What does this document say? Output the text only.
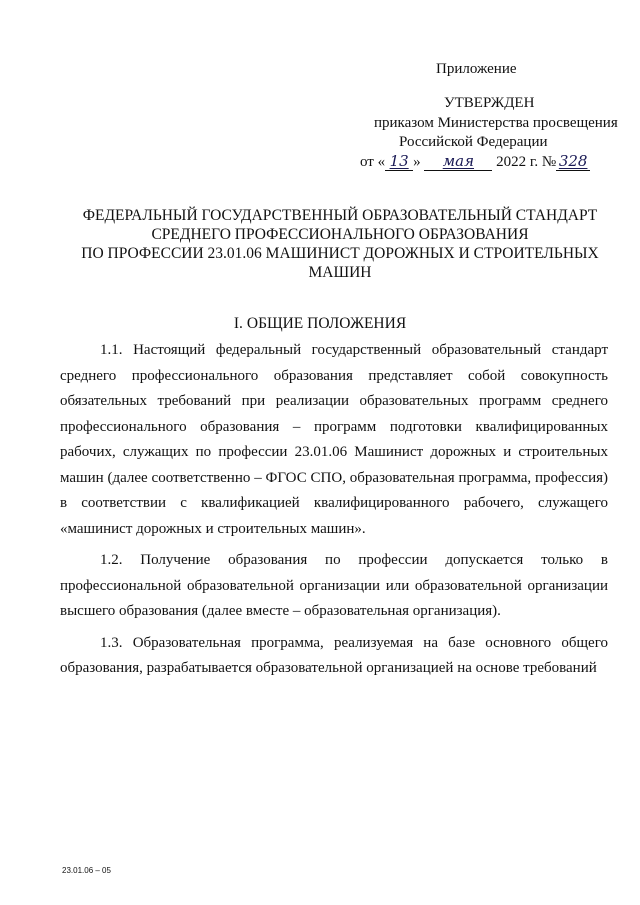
Приложение
УТВЕРЖДЕН
приказом Министерства просвещения
Российской Федерации
от « 13 » мая 2022 г. № 328
ФЕДЕРАЛЬНЫЙ ГОСУДАРСТВЕННЫЙ ОБРАЗОВАТЕЛЬНЫЙ СТАНДАРТ
СРЕДНЕГО ПРОФЕССИОНАЛЬНОГО ОБРАЗОВАНИЯ
ПО ПРОФЕССИИ 23.01.06 МАШИНИСТ ДОРОЖНЫХ И СТРОИТЕЛЬНЫХ
МАШИН
I. ОБЩИЕ ПОЛОЖЕНИЯ

1.1. Настоящий федеральный государственный образовательный стандарт среднего профессионального образования представляет собой совокупность обязательных требований при реализации образовательных программ среднего профессионального образования – программ подготовки квалифицированных рабочих, служащих по профессии 23.01.06 Машинист дорожных и строительных машин (далее соответственно – ФГОС СПО, образовательная программа, профессия) в соответствии с квалификацией квалифицированного рабочего, служащего «машинист дорожных и строительных машин».

1.2. Получение образования по профессии допускается только в профессиональной образовательной организации или образовательной организации высшего образования (далее вместе – образовательная организация).

1.3. Образовательная программа, реализуемая на базе основного общего образования, разрабатывается образовательной организацией на основе требований

23.01.06 – 05
